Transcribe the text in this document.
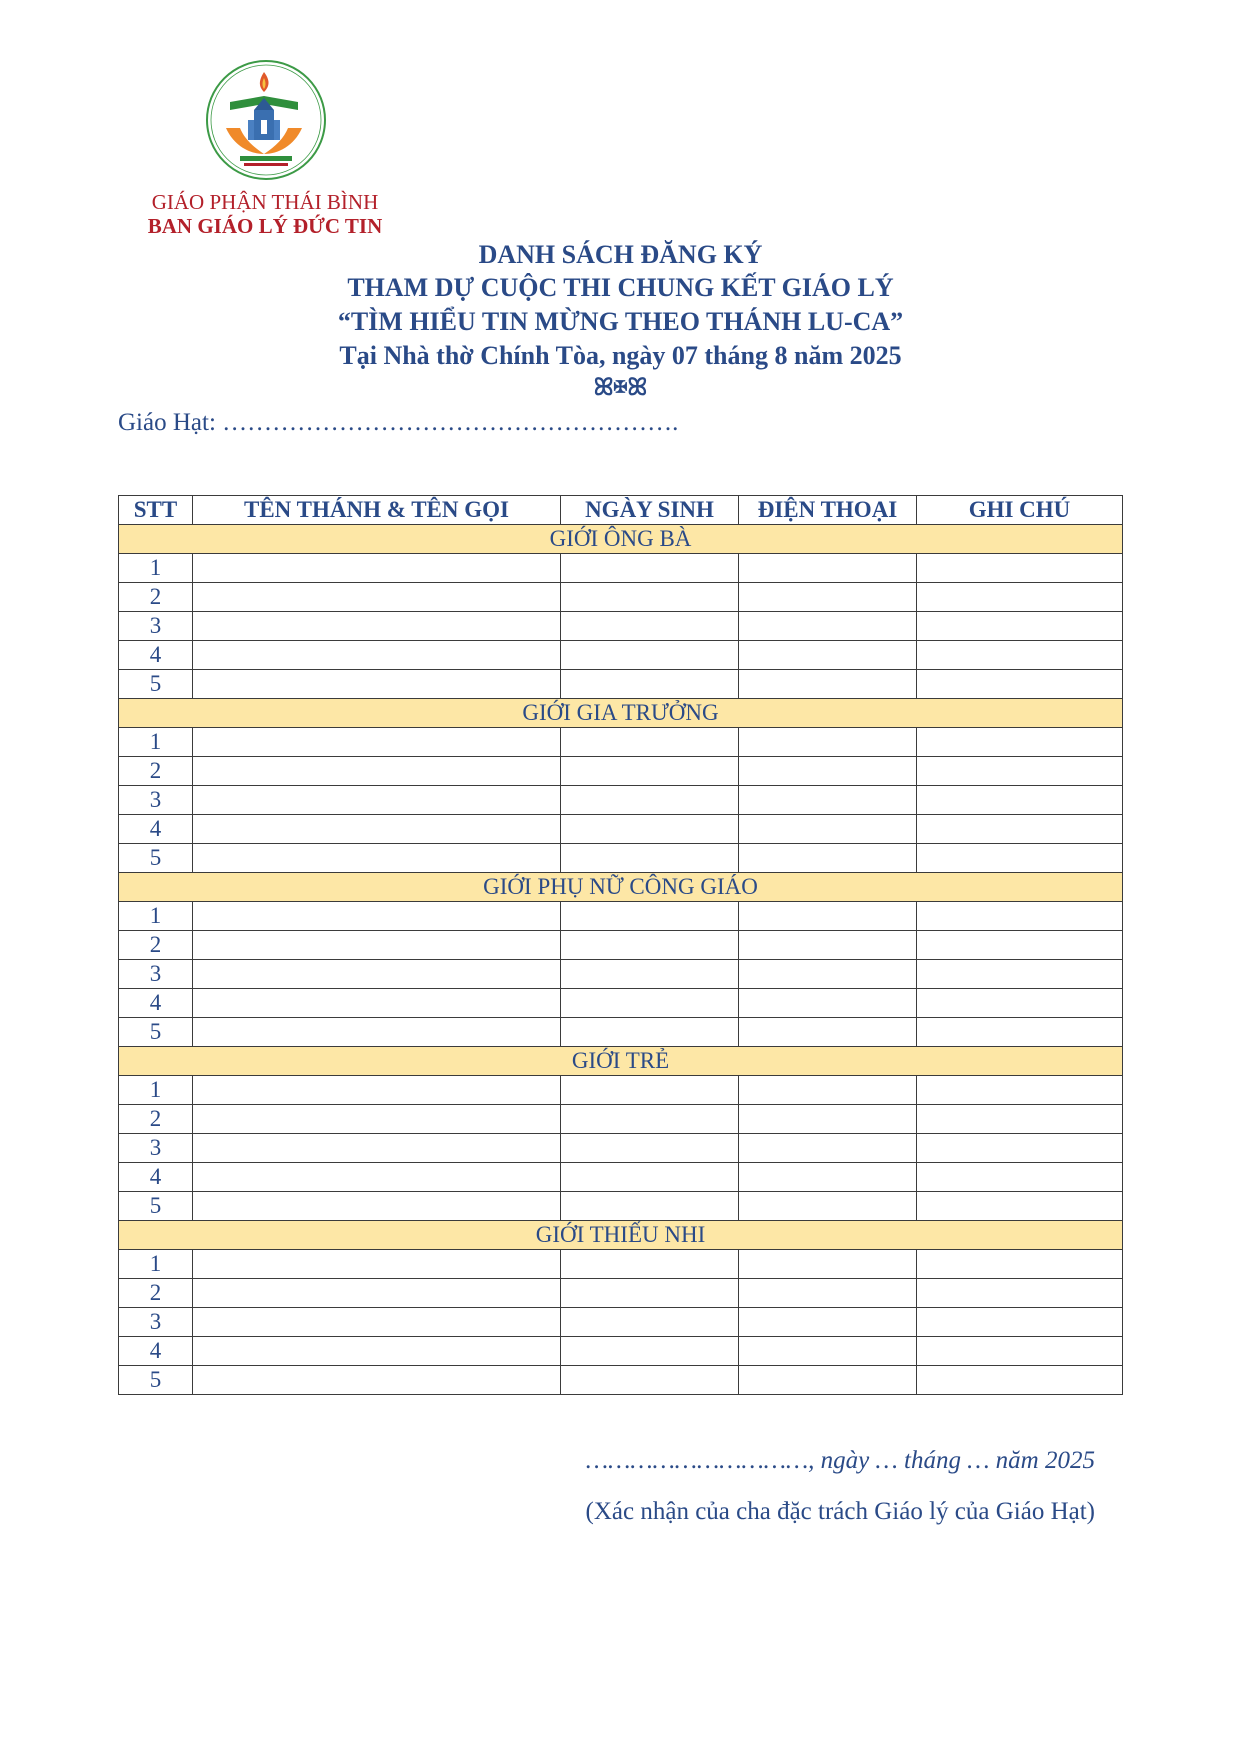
GIÁO PHẬN THÁI BÌNH
BAN GIÁO LÝ ĐỨC TIN
DANH SÁCH ĐĂNG KÝ
THAM DỰ CUỘC THI CHUNG KẾT GIÁO LÝ
“TÌM HIỂU TIN MỪNG THEO THÁNH LU-CA”
Tại Nhà thờ Chính Tòa, ngày 07 tháng 8 năm 2025
ꕤ✠ꕤ
Giáo Hạt: ……………………………………………….
STT	TÊN THÁNH & TÊN GỌI	NGÀY SINH	ĐIỆN THOẠI	GHI CHÚ
GIỚI ÔNG BÀ				
1				
2				
3				
4				
5				
GIỚI GIA TRƯỞNG				
1				
2				
3				
4				
5				
GIỚI PHỤ NỮ CÔNG GIÁO				
1				
2				
3				
4				
5				
GIỚI TRẺ				
1				
2				
3				
4				
5				
GIỚI THIẾU NHI				
1				
2				
3				
4				
5				
…………………………, ngày … tháng … năm 2025
(Xác nhận của cha đặc trách Giáo lý của Giáo Hạt)
